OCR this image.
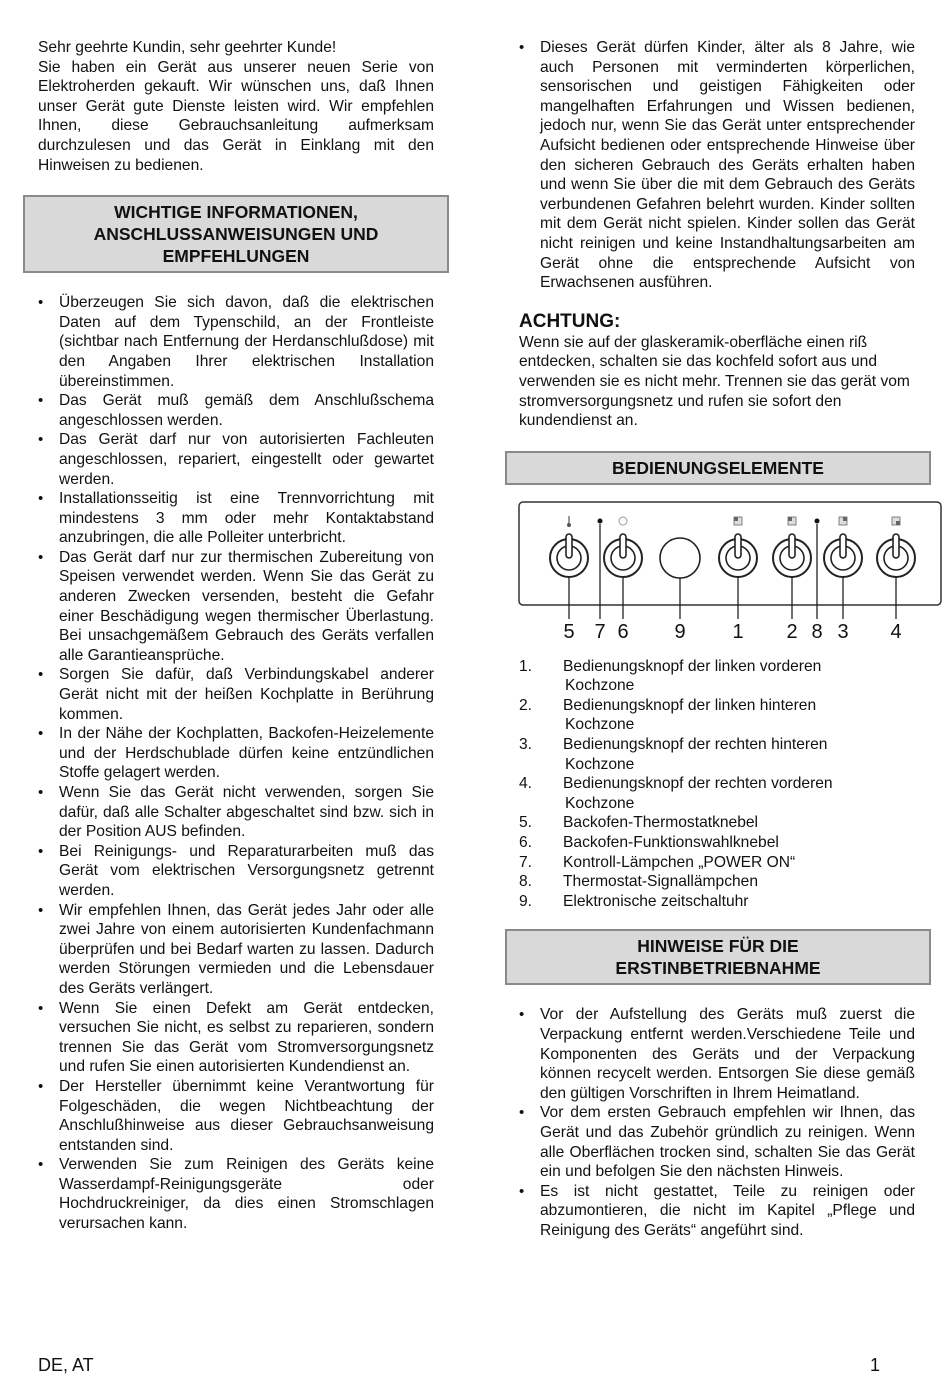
Sehr geehrte Kundin, sehr geehrter Kunde!
Sie haben ein Gerät aus unserer neuen Serie von Elektroherden gekauft. Wir wünschen uns, daß Ihnen unser Gerät gute Dienste leisten wird. Wir empfehlen Ihnen, diese Gebrauchsanleitung aufmerksam durchzulesen und das Gerät in Einklang mit den Hinweisen zu bedienen.
WICHTIGE INFORMATIONEN,
ANSCHLUSSANWEISUNGEN UND
EMPFEHLUNGEN
• Überzeugen Sie sich davon, daß die elektrischen Daten auf dem Typenschild, an der Frontleiste (sichtbar nach Entfernung der Herdanschlußdose) mit den Angaben Ihrer elektrischen Installation übereinstimmen.
• Das Gerät muß gemäß dem Anschlußschema angeschlossen werden.
• Das Gerät darf nur von autorisierten Fachleuten angeschlossen, repariert, eingestellt oder gewartet werden.
• Installationsseitig ist eine Trennvorrichtung mit mindestens 3 mm oder mehr Kontaktabstand anzubringen, die alle Polleiter unterbricht.
• Das Gerät darf nur zur thermischen Zubereitung von Speisen verwendet werden. Wenn Sie das Gerät zu anderen Zwecken versenden, besteht die Gefahr einer Beschädigung wegen thermischer Überlastung. Bei unsachgemäßem Gebrauch des Geräts verfallen alle Garantieansprüche.
• Sorgen Sie dafür, daß Verbindungskabel anderer Gerät nicht mit der heißen Kochplatte in Berührung kommen.
• In der Nähe der Kochplatten, Backofen-Heizelemente und der Herdschublade dürfen keine entzündlichen Stoffe gelagert werden.
• Wenn Sie das Gerät nicht verwenden, sorgen Sie dafür, daß alle Schalter abgeschaltet sind bzw. sich in der Position AUS befinden.
• Bei Reinigungs- und Reparaturarbeiten muß das Gerät vom elektrischen Versorgungsnetz getrennt werden.
• Wir empfehlen Ihnen, das Gerät jedes Jahr oder alle zwei Jahre von einem autorisierten Kundenfachmann überprüfen und bei Bedarf warten zu lassen. Dadurch werden Störungen vermieden und die Lebensdauer des Geräts verlängert.
• Wenn Sie einen Defekt am Gerät entdecken, versuchen Sie nicht, es selbst zu reparieren, sondern trennen Sie das Gerät vom Stromversorgungsnetz und rufen Sie einen autorisierten Kundendienst an.
• Der Hersteller übernimmt keine Verantwortung für Folgeschäden, die wegen Nichtbeachtung der Anschlußhinweise aus dieser Gebrauchsanweisung entstanden sind.
• Verwenden Sie zum Reinigen des Geräts keine Wasserdampf-Reinigungsgeräte oder Hochdruckreiniger, da dies einen Stromschlagen verursachen kann.
• Dieses Gerät dürfen Kinder, älter als 8 Jahre, wie auch Personen mit verminderten körperlichen, sensorischen und geistigen Fähigkeiten oder mangelhaften Erfahrungen und Wissen bedienen, jedoch nur, wenn Sie das Gerät unter entsprechender Aufsicht bedienen oder entsprechende Hinweise über den sicheren Gebrauch des Geräts erhalten haben und wenn Sie über die mit dem Gebrauch des Geräts verbundenen Gefahren belehrt wurden. Kinder sollten mit dem Gerät nicht spielen. Kinder sollen das Gerät nicht reinigen und keine Instandhaltungsarbeiten am Gerät ohne die entsprechende Aufsicht von Erwachsenen ausführen.
ACHTUNG:
Wenn sie auf der glaskeramik-oberfläche einen riß entdecken, schalten sie das kochfeld sofort aus und verwenden sie es nicht mehr. Trennen sie das gerät vom stromversorgungsnetz und rufen sie sofort den kundendienst an.
BEDIENUNGSELEMENTE
5 7 6 9 1 2 8 3 4
1. Bedienungsknopf der linken vorderen
Kochzone
2. Bedienungsknopf der linken hinteren
Kochzone
3. Bedienungsknopf der rechten hinteren
Kochzone
4. Bedienungsknopf der rechten vorderen
Kochzone
5. Backofen-Thermostatknebel
6. Backofen-Funktionswahlknebel
7. Kontroll-Lämpchen „POWER ON“
8. Thermostat-Signallämpchen
9. Elektronische zeitschaltuhr
HINWEISE FÜR DIE
ERSTINBETRIEBNAHME
• Vor der Aufstellung des Geräts muß zuerst die Verpackung entfernt werden.Verschiedene Teile und Komponenten des Geräts und der Verpackung können recycelt werden. Entsorgen Sie diese gemäß den gültigen Vorschriften in Ihrem Heimatland.
• Vor dem ersten Gebrauch empfehlen wir Ihnen, das Gerät und das Zubehör gründlich zu reinigen. Wenn alle Oberflächen trocken sind, schalten Sie das Gerät ein und befolgen Sie den nächsten Hinweis.
• Es ist nicht gestattet, Teile zu reinigen oder abzumontieren, die nicht im Kapitel „Pflege und Reinigung des Geräts“ angeführt sind.
DE, AT	1
